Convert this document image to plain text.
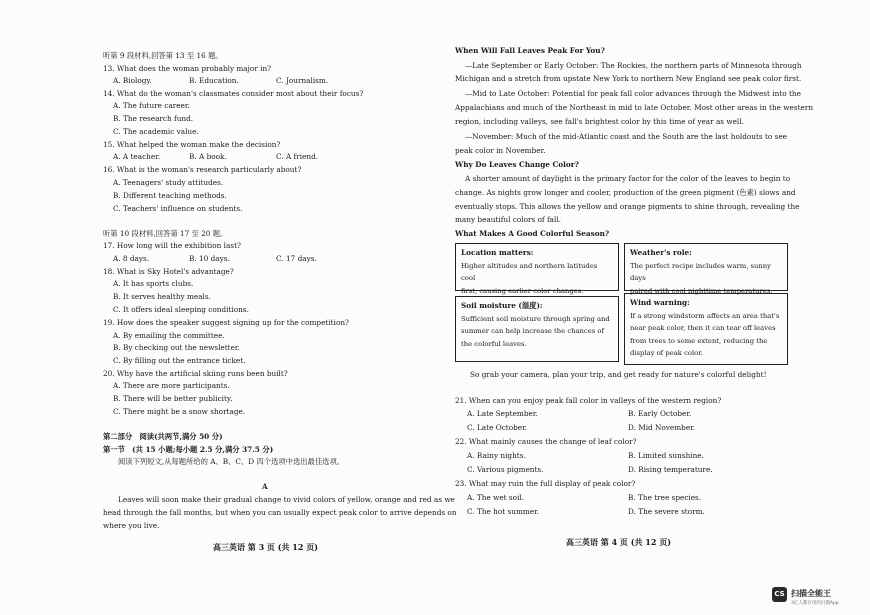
听第 9 段材料,回答第 13 至 16 题。
13. What does the woman probably major in?
A. Biology.	B. Education.	C. Journalism.
14. What do the woman's classmates consider most about their focus?
A. The future career.
B. The research fund.
C. The academic value.
15. What helped the woman make the decision?
A. A teacher.	B. A book.	C. A friend.
16. What is the woman's research particularly about?
A. Teenagers' study attitudes.
B. Different teaching methods.
C. Teachers' influence on students.
听第 10 段材料,回答第 17 至 20 题。
17. How long will the exhibition last?
A. 8 days.	B. 10 days.	C. 17 days.
18. What is Sky Hotel's advantage?
A. It has sports clubs.
B. It serves healthy meals.
C. It offers ideal sleeping conditions.
19. How does the speaker suggest signing up for the competition?
A. By emailing the committee.
B. By checking out the newsletter.
C. By filling out the entrance ticket.
20. Why have the artificial skiing runs been built?
A. There are more participants.
B. There will be better publicity.
C. There might be a snow shortage.
第二部分　阅读(共两节,满分 50 分)
第一节　(共 15 小题;每小题 2.5 分,满分 37.5 分)
阅读下列短文,从每题所给的 A、B、C、D 四个选项中选出最佳选项。
A
Leaves will soon make their gradual change to vivid colors of yellow, orange and red as we
head through the fall months, but when you can usually expect peak color to arrive depends on
where you live.
高三英语 第 3 页 (共 12 页)
When Will Fall Leaves Peak For You?
—Late September or Early October: The Rockies, the northern parts of Minnesota through
Michigan and a stretch from upstate New York to northern New England see peak color first.
—Mid to Late October: Potential for peak fall color advances through the Midwest into the
Appalachians and much of the Northeast in mid to late October. Most other areas in the western
region, including valleys, see fall's brightest color by this time of year as well.
—November: Much of the mid-Atlantic coast and the South are the last holdouts to see
peak color in November.
Why Do Leaves Change Color?
A shorter amount of daylight is the primary factor for the color of the leaves to begin to
change. As nights grow longer and cooler, production of the green pigment (色素) slows and
eventually stops. This allows the yellow and orange pigments to shine through, revealing the
many beautiful colors of fall.
What Makes A Good Colorful Season?
Location matters:
Higher altitudes and northern latitudes cool
first, causing earlier color changes.
Weather's role:
The perfect recipe includes warm, sunny days
paired with cool nighttime temperatures.
Soil moisture (湿度):
Sufficient soil moisture through spring and
summer can help increase the chances of
the colorful leaves.
Wind warning:
If a strong windstorm affects an area that's
near peak color, then it can tear off leaves
from trees to some extent, reducing the
display of peak color.
So grab your camera, plan your trip, and get ready for nature's colorful delight!
21. When can you enjoy peak fall color in valleys of the western region?
A. Late September.	B. Early October.
C. Late October.	D. Mid November.
22. What mainly causes the change of leaf color?
A. Rainy nights.	B. Limited sunshine.
C. Various pigments.	D. Rising temperature.
23. What may ruin the full display of peak color?
A. The wet soil.	B. The tree species.
C. The hot summer.	D. The severe storm.
高三英语 第 4 页 (共 12 页)
CS 扫描全能王
3亿人都在用的扫描App
